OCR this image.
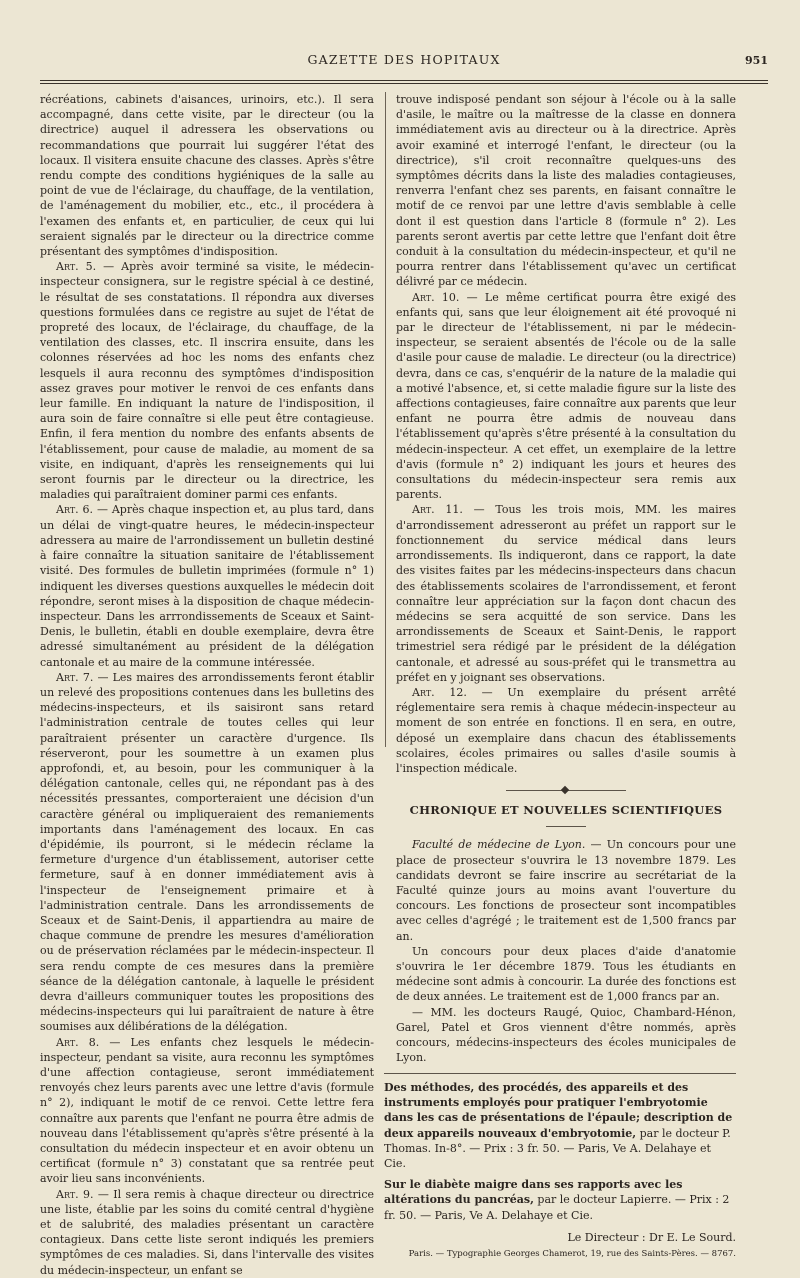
GAZETTE DES HOPITAUX	951

récréations, cabinets d'aisances, urinoirs, etc.). Il sera accompagné, dans cette visite, par le directeur (ou la directrice) auquel il adressera les observations ou recommandations que pourrait lui suggérer l'état des locaux. Il visitera ensuite chacune des classes. Après s'être rendu compte des conditions hygiéniques de la salle au point de vue de l'éclairage, du chauffage, de la ventilation, de l'aménagement du mobilier, etc., etc., il procédera à l'examen des enfants et, en particulier, de ceux qui lui seraient signalés par le directeur ou la directrice comme présentant des symptômes d'indisposition.

Art. 5. — Après avoir terminé sa visite, le médecin-inspecteur consignera, sur le registre spécial à ce destiné, le résultat de ses constatations. Il répondra aux diverses questions formulées dans ce registre au sujet de l'état de propreté des locaux, de l'éclairage, du chauffage, de la ventilation des classes, etc. Il inscrira ensuite, dans les colonnes réservées ad hoc les noms des enfants chez lesquels il aura reconnu des symptômes d'indisposition assez graves pour motiver le renvoi de ces enfants dans leur famille. En indiquant la nature de l'indisposition, il aura soin de faire connaître si elle peut être contagieuse. Enfin, il fera mention du nombre des enfants absents de l'établissement, pour cause de maladie, au moment de sa visite, en indiquant, d'après les renseignements qui lui seront fournis par le directeur ou la directrice, les maladies qui paraîtraient dominer parmi ces enfants.

Art. 6. — Après chaque inspection et, au plus tard, dans un délai de vingt-quatre heures, le médecin-inspecteur adressera au maire de l'arrondissement un bulletin destiné à faire connaître la situation sanitaire de l'établissement visité. Des formules de bulletin imprimées (formule n° 1) indiquent les diverses questions auxquelles le médecin doit répondre, seront mises à la disposition de chaque médecin-inspecteur. Dans les arrrondissements de Sceaux et Saint-Denis, le bulletin, établi en double exemplaire, devra être adressé simultanément au président de la délégation cantonale et au maire de la commune intéressée.

Art. 7. — Les maires des arrondissements feront établir un relevé des propositions contenues dans les bulletins des médecins-inspecteurs, et ils saisiront sans retard l'administration centrale de toutes celles qui leur paraîtraient présenter un caractère d'urgence. Ils réserveront, pour les soumettre à un examen plus approfondi, et, au besoin, pour les communiquer à la délégation cantonale, celles qui, ne répondant pas à des nécessités pressantes, comporteraient une décision d'un caractère général ou impliqueraient des remaniements importants dans l'aménagement des locaux. En cas d'épidémie, ils pourront, si le médecin réclame la fermeture d'urgence d'un établissement, autoriser cette fermeture, sauf à en donner immédiatement avis à l'inspecteur de l'enseignement primaire et à l'administration centrale. Dans les arrondissements de Sceaux et de Saint-Denis, il appartiendra au maire de chaque commune de prendre les mesures d'amélioration ou de préservation réclamées par le médecin-inspecteur. Il sera rendu compte de ces mesures dans la première séance de la délégation cantonale, à laquelle le président devra d'ailleurs communiquer toutes les propositions des médecins-inspecteurs qui lui paraîtraient de nature à être soumises aux délibérations de la délégation.

Art. 8. — Les enfants chez lesquels le médecin-inspecteur, pendant sa visite, aura reconnu les symptômes d'une affection contagieuse, seront immédiatement renvoyés chez leurs parents avec une lettre d'avis (formule n° 2), indiquant le motif de ce renvoi. Cette lettre fera connaître aux parents que l'enfant ne pourra être admis de nouveau dans l'établissement qu'après s'être présenté à la consultation du médecin inspecteur et en avoir obtenu un certificat (formule n° 3) constatant que sa rentrée peut avoir lieu sans inconvénients.

Art. 9. — Il sera remis à chaque directeur ou directrice une liste, établie par les soins du comité central d'hygiène et de salubrité, des maladies présentant un caractère contagieux. Dans cette liste seront indiqués les premiers symptômes de ces maladies. Si, dans l'intervalle des visites du médecin-inspecteur, un enfant se

trouve indisposé pendant son séjour à l'école ou à la salle d'asile, le maître ou la maîtresse de la classe en donnera immédiatement avis au directeur ou à la directrice. Après avoir examiné et interrogé l'enfant, le directeur (ou la directrice), s'il croit reconnaître quelques-uns des symptômes décrits dans la liste des maladies contagieuses, renverra l'enfant chez ses parents, en faisant connaître le motif de ce renvoi par une lettre d'avis semblable à celle dont il est question dans l'article 8 (formule n° 2). Les parents seront avertis par cette lettre que l'enfant doit être conduit à la consultation du médecin-inspecteur, et qu'il ne pourra rentrer dans l'établissement qu'avec un certificat délivré par ce médecin.

Art. 10. — Le même certificat pourra être exigé des enfants qui, sans que leur éloignement ait été provoqué ni par le directeur de l'établissement, ni par le médecin-inspecteur, se seraient absentés de l'école ou de la salle d'asile pour cause de maladie. Le directeur (ou la directrice) devra, dans ce cas, s'enquérir de la nature de la maladie qui a motivé l'absence, et, si cette maladie figure sur la liste des affections contagieuses, faire connaître aux parents que leur enfant ne pourra être admis de nouveau dans l'établissement qu'après s'être présenté à la consultation du médecin-inspecteur. A cet effet, un exemplaire de la lettre d'avis (formule n° 2) indiquant les jours et heures des consultations du médecin-inspecteur sera remis aux parents.

Art. 11. — Tous les trois mois, MM. les maires d'arrondissement adresseront au préfet un rapport sur le fonctionnement du service médical dans leurs arrondissements. Ils indiqueront, dans ce rapport, la date des visites faites par les médecins-inspecteurs dans chacun des établissements scolaires de l'arrondissement, et feront connaître leur appréciation sur la façon dont chacun des médecins se sera acquitté de son service. Dans les arrondissements de Sceaux et Saint-Denis, le rapport trimestriel sera rédigé par le président de la délégation cantonale, et adressé au sous-préfet qui le transmettra au préfet en y joignant ses observations.

Art. 12. — Un exemplaire du présent arrêté réglementaire sera remis à chaque médecin-inspecteur au moment de son entrée en fonctions. Il en sera, en outre, déposé un exemplaire dans chacun des établissements scolaires, écoles primaires ou salles d'asile soumis à l'inspection médicale.

CHRONIQUE ET NOUVELLES SCIENTIFIQUES

Faculté de médecine de Lyon. — Un concours pour une place de prosecteur s'ouvrira le 13 novembre 1879. Les candidats devront se faire inscrire au secrétariat de la Faculté quinze jours au moins avant l'ouverture du concours. Les fonctions de prosecteur sont incompatibles avec celles d'agrégé ; le traitement est de 1,500 francs par an.

Un concours pour deux places d'aide d'anatomie s'ouvrira le 1er décembre 1879. Tous les étudiants en médecine sont admis à concourir. La durée des fonctions est de deux années. Le traitement est de 1,000 francs par an.

— MM. les docteurs Raugé, Quioc, Chambard-Hénon, Garel, Patel et Gros viennent d'être nommés, après concours, médecins-inspecteurs des écoles municipales de Lyon.

Des méthodes, des procédés, des appareils et des instruments employés pour pratiquer l'embryotomie dans les cas de présentations de l'épaule; description de deux appareils nouveaux d'embryotomie, par le docteur P. Thomas. In-8°. — Prix : 3 fr. 50. — Paris, Ve A. Delahaye et Cie.

Sur le diabète maigre dans ses rapports avec les altérations du pancréas, par le docteur Lapierre. — Prix : 2 fr. 50. — Paris, Ve A. Delahaye et Cie.

Le Directeur : Dr E. Le Sourd.
Paris. — Typographie Georges Chamerot, 19, rue des Saints-Pères. — 8767.
